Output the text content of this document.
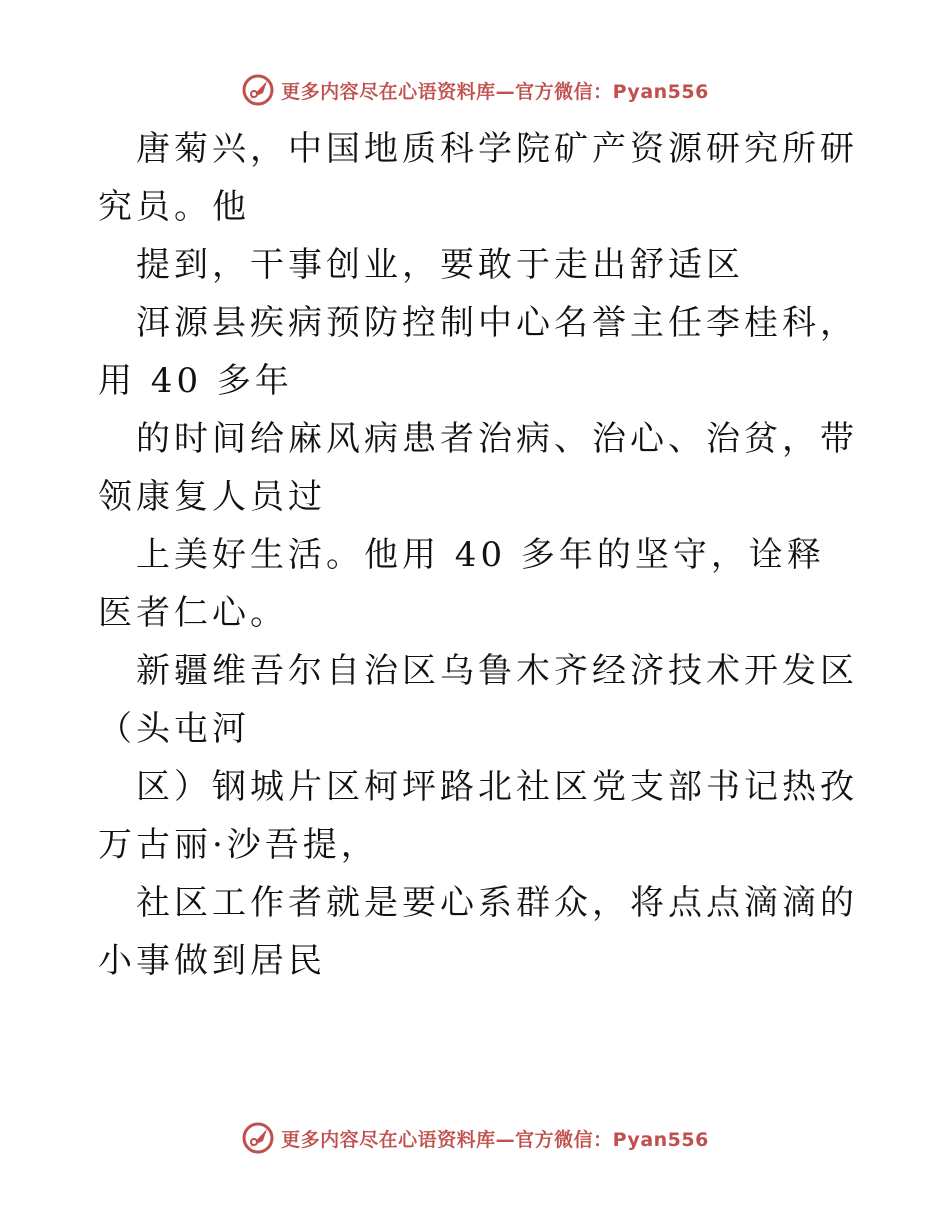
更多内容尽在心语资料库—官方微信：Pyan556

唐菊兴，中国地质科学院矿产资源研究所研究员。他

提到，干事创业，要敢于走出舒适区

洱源县疾病预防控制中心名誉主任李桂科，用 40 多年

的时间给麻风病患者治病、治心、治贫，带领康复人员过

上美好生活。他用 40 多年的坚守，诠释医者仁心。

新疆维吾尔自治区乌鲁木齐经济技术开发区（头屯河

区）钢城片区柯坪路北社区党支部书记热孜万古丽·沙吾提，

社区工作者就是要心系群众，将点点滴滴的小事做到居民

更多内容尽在心语资料库—官方微信：Pyan556
